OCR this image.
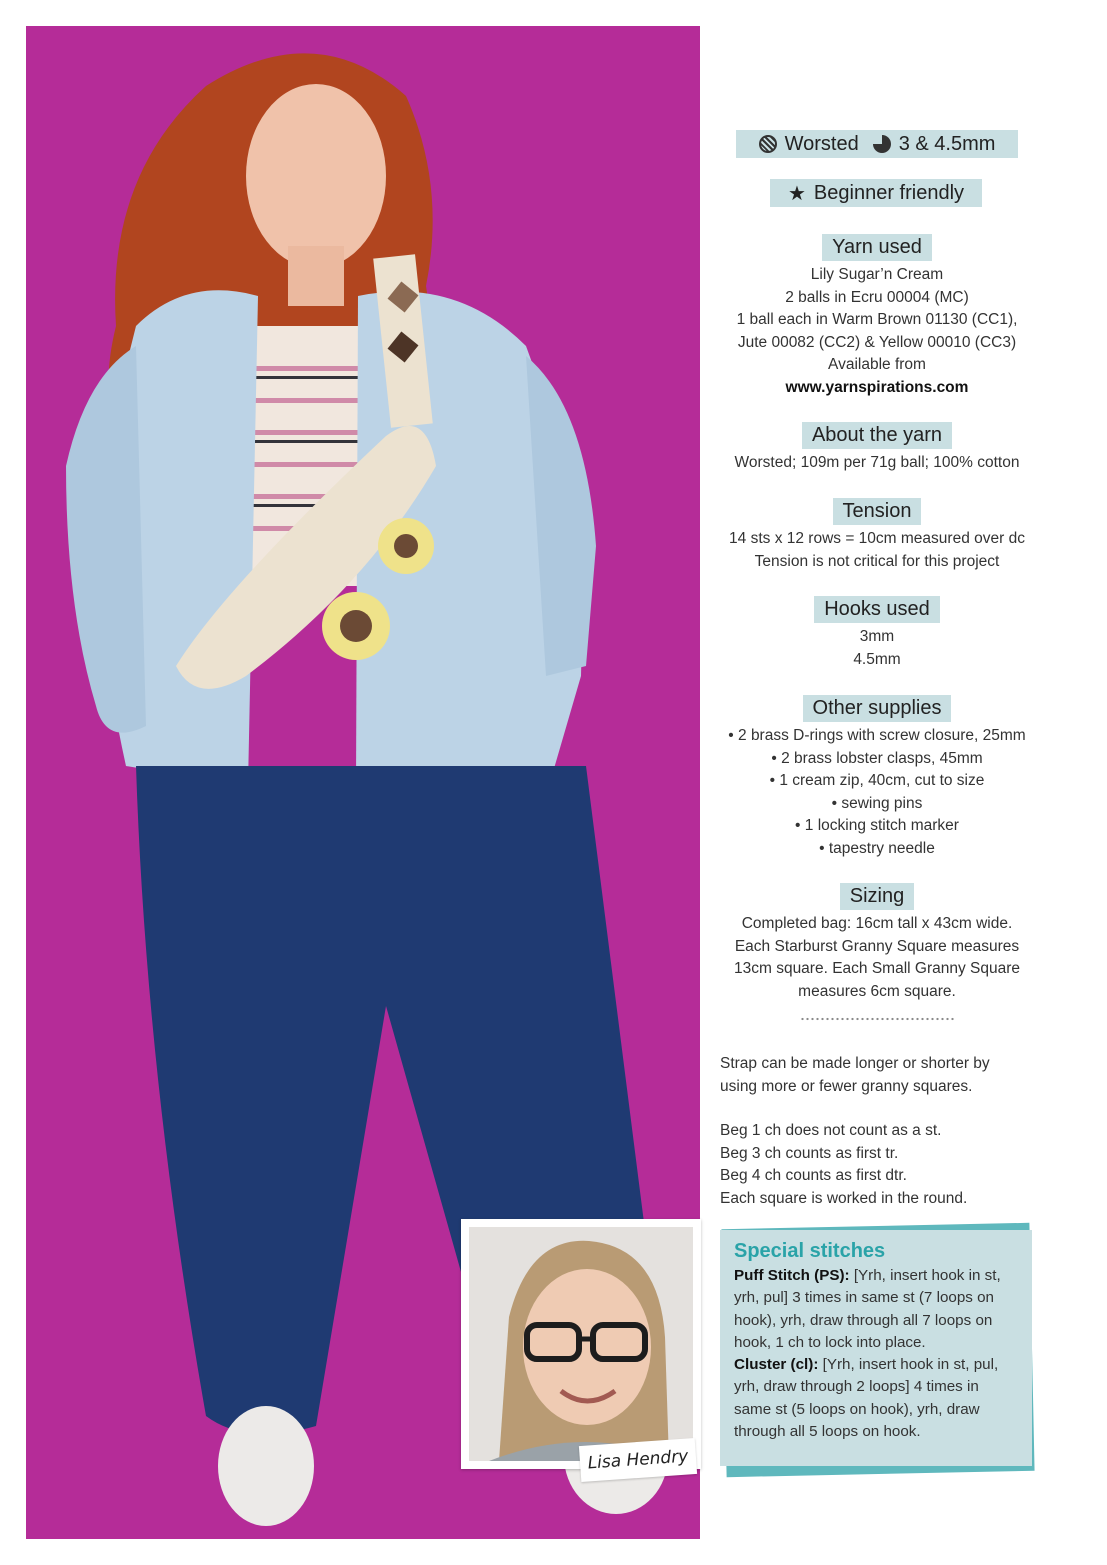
Lisa Hendry
Worsted	3 & 4.5mm
★ Beginner friendly
Yarn used
Lily Sugar’n Cream
2 balls in Ecru 00004 (MC)
1 ball each in Warm Brown 01130 (CC1),
Jute 00082 (CC2) & Yellow 00010 (CC3)
Available from
www.yarnspirations.com
About the yarn
Worsted; 109m per 71g ball; 100% cotton
Tension
14 sts x 12 rows = 10cm measured over dc
Tension is not critical for this project
Hooks used
3mm
4.5mm
Other supplies
• 2 brass D-rings with screw closure, 25mm
• 2 brass lobster clasps, 45mm
• 1 cream zip, 40cm, cut to size
• sewing pins
• 1 locking stitch marker
• tapestry needle
Sizing
Completed bag: 16cm tall x 43cm wide.
Each Starburst Granny Square measures
13cm square. Each Small Granny Square
measures 6cm square.
Strap can be made longer or shorter by
using more or fewer granny squares.
Beg 1 ch does not count as a st.
Beg 3 ch counts as first tr.
Beg 4 ch counts as first dtr.
Each square is worked in the round.
Special stitches

Puff Stitch (PS): [Yrh, insert hook in st, yrh, pul] 3 times in same st (7 loops on hook), yrh, draw through all 7 loops on hook, 1 ch to lock into place.

Cluster (cl): [Yrh, insert hook in st, pul, yrh, draw through 2 loops] 4 times in same st (5 loops on hook), yrh, draw through all 5 loops on hook.
